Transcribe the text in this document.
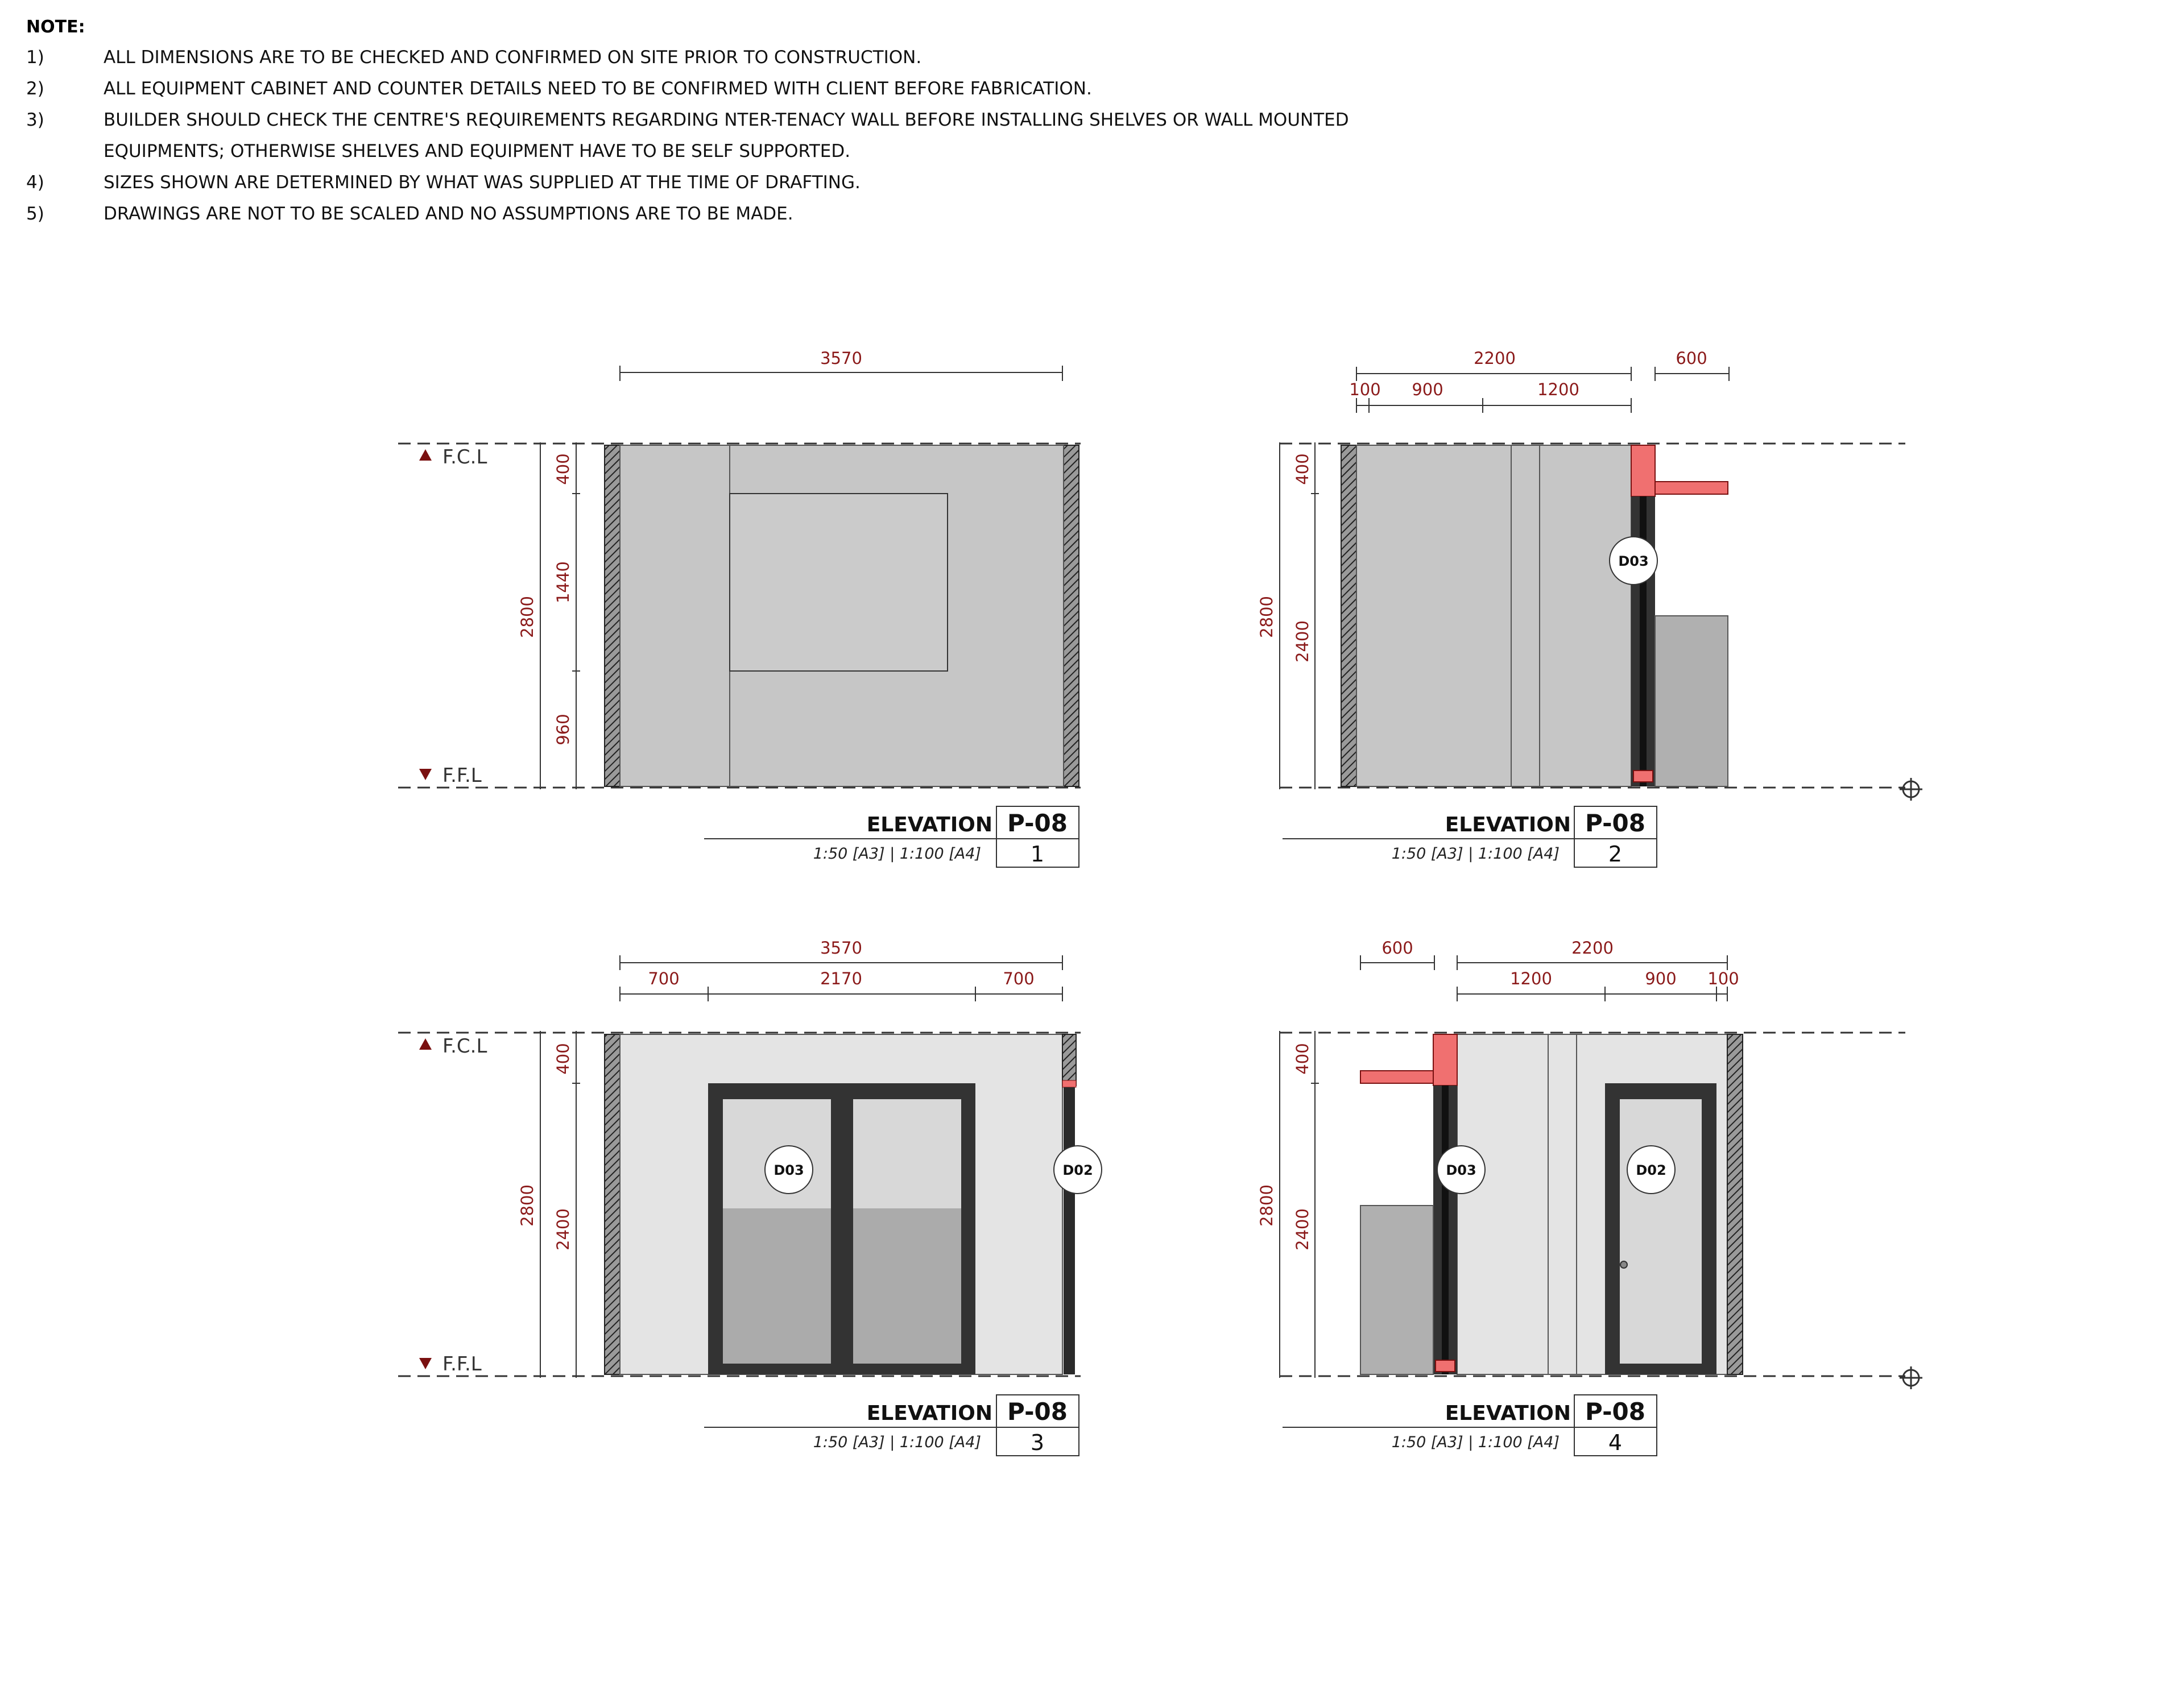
NOTE:
1)	ALL DIMENSIONS ARE TO BE CHECKED AND CONFIRMED ON SITE PRIOR TO CONSTRUCTION.
2)	ALL EQUIPMENT CABINET AND COUNTER DETAILS NEED TO BE CONFIRMED WITH CLIENT BEFORE FABRICATION.
3)	BUILDER SHOULD CHECK THE CENTRE'S REQUIREMENTS REGARDING NTER-TENACY WALL BEFORE INSTALLING SHELVES OR WALL MOUNTED
EQUIPMENTS; OTHERWISE SHELVES AND EQUIPMENT HAVE TO BE SELF SUPPORTED.
4)	SIZES SHOWN ARE DETERMINED BY WHAT WAS SUPPLIED AT THE TIME OF DRAFTING.
5)	DRAWINGS ARE NOT TO BE SCALED AND NO ASSUMPTIONS ARE TO BE MADE.
F.C.L
F.F.L
3570
2800
400
1440
960
ELEVATION P-08
1:50 [A3] | 1:100 [A4] 1
D03
2200	600
100 900	1200
2800
400
2400
ELEVATION P-08
1:50 [A3] | 1:100 [A4] 2
F.C.L
F.F.L
D03	D02
3570
700	2170	700
2800
400
2400
ELEVATION P-08
1:50 [A3] | 1:100 [A4] 3
D03	D02
600	2200
1200	900 100
2800
400
2400
ELEVATION P-08
1:50 [A3] | 1:100 [A4] 4
